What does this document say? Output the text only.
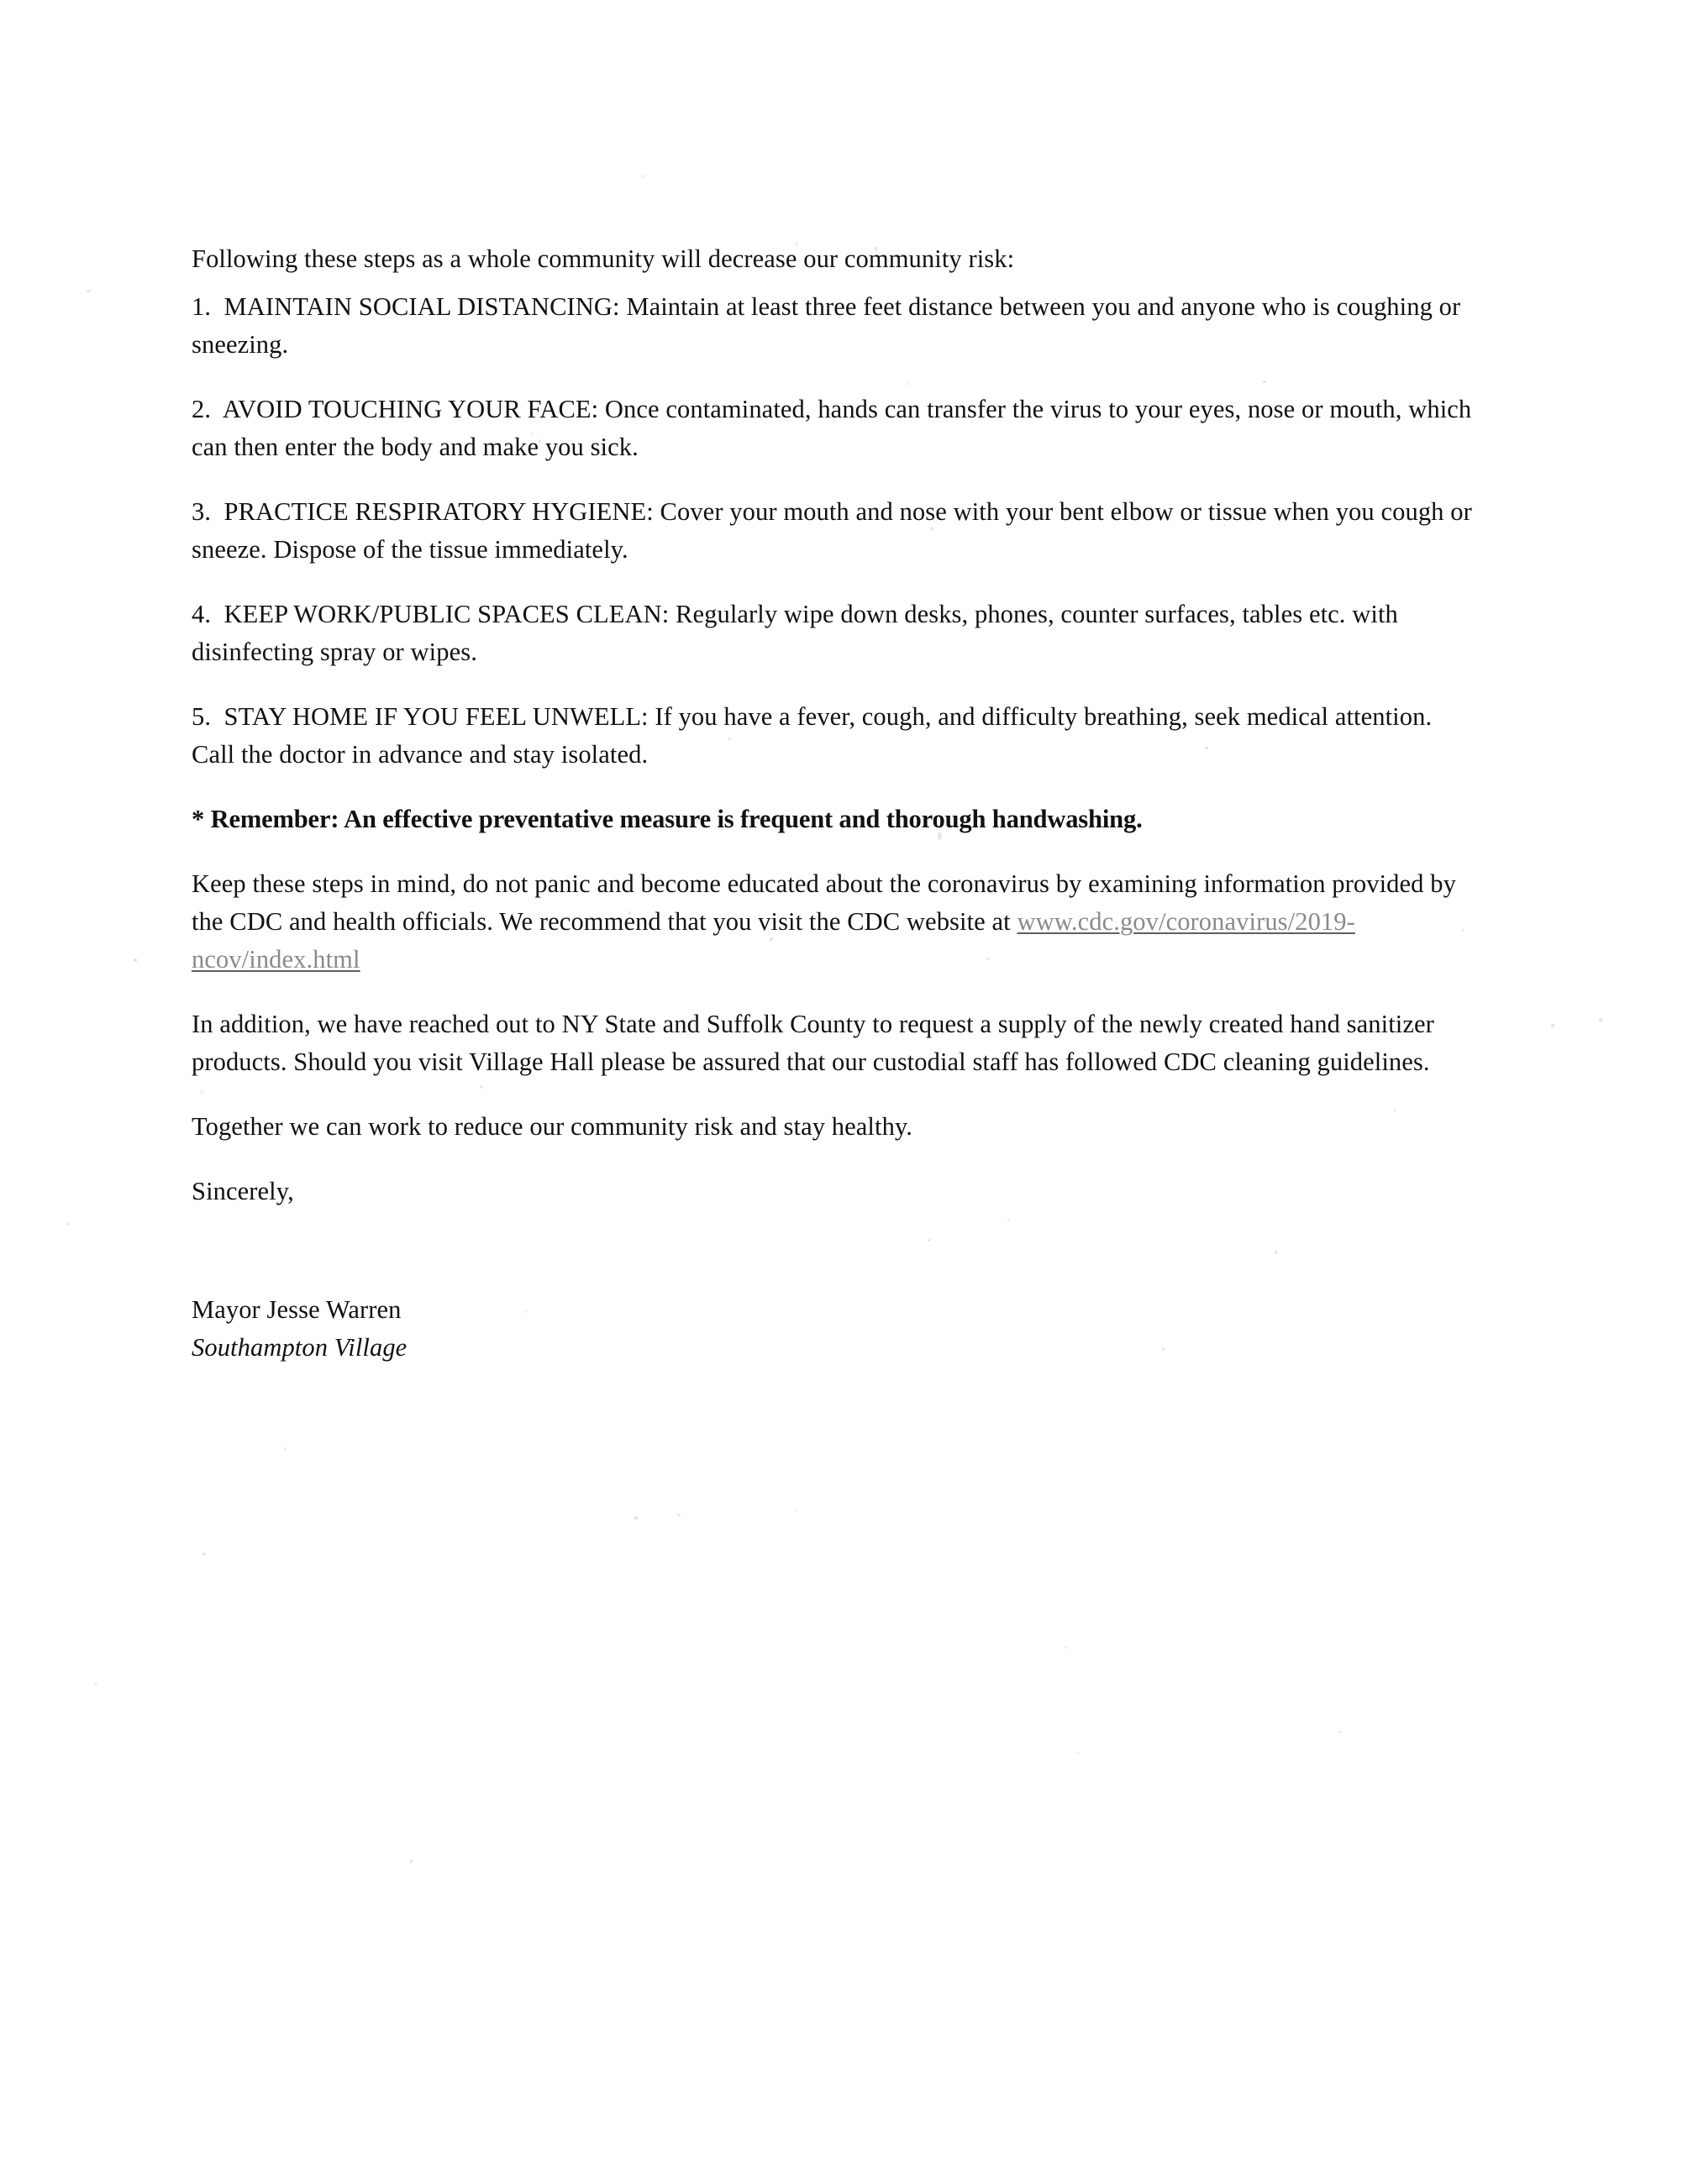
Following these steps as a whole community will decrease our community risk:

1. MAINTAIN SOCIAL DISTANCING: Maintain at least three feet distance between you and anyone who is coughing or sneezing.

2. AVOID TOUCHING YOUR FACE: Once contaminated, hands can transfer the virus to your eyes, nose or mouth, which can then enter the body and make you sick.

3. PRACTICE RESPIRATORY HYGIENE: Cover your mouth and nose with your bent elbow or tissue when you cough or sneeze. Dispose of the tissue immediately.

4. KEEP WORK/PUBLIC SPACES CLEAN: Regularly wipe down desks, phones, counter surfaces, tables etc. with disinfecting spray or wipes.

5. STAY HOME IF YOU FEEL UNWELL: If you have a fever, cough, and difficulty breathing, seek medical attention. Call the doctor in advance and stay isolated.

* Remember: An effective preventative measure is frequent and thorough handwashing.

Keep these steps in mind, do not panic and become educated about the coronavirus by examining information provided by the CDC and health officials. We recommend that you visit the CDC website at www.cdc.gov/coronavirus/2019-ncov/index.html

In addition, we have reached out to NY State and Suffolk County to request a supply of the newly created hand sanitizer products. Should you visit Village Hall please be assured that our custodial staff has followed CDC cleaning guidelines.

Together we can work to reduce our community risk and stay healthy.

Sincerely,

Mayor Jesse Warren

Southampton Village
